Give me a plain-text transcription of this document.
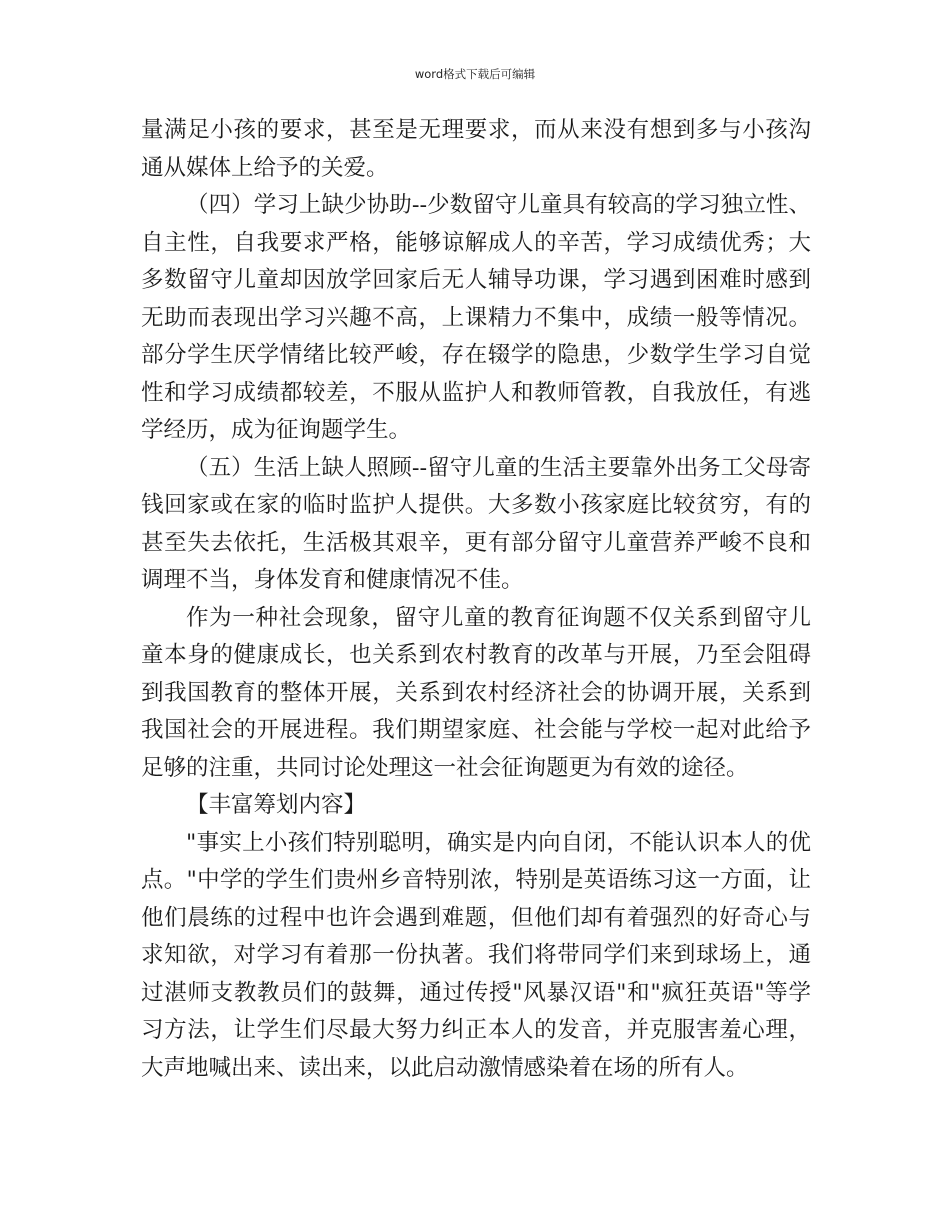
word格式下载后可编辑

量满足小孩的要求，甚至是无理要求，而从来没有想到多与小孩沟通从媒体上给予的关爱。

（四）学习上缺少协助--少数留守儿童具有较高的学习独立性、自主性，自我要求严格，能够谅解成人的辛苦，学习成绩优秀；大多数留守儿童却因放学回家后无人辅导功课，学习遇到困难时感到无助而表现出学习兴趣不高，上课精力不集中，成绩一般等情况。部分学生厌学情绪比较严峻，存在辍学的隐患，少数学生学习自觉性和学习成绩都较差，不服从监护人和教师管教，自我放任，有逃学经历，成为征询题学生。

（五）生活上缺人照顾--留守儿童的生活主要靠外出务工父母寄钱回家或在家的临时监护人提供。大多数小孩家庭比较贫穷，有的甚至失去依托，生活极其艰辛，更有部分留守儿童营养严峻不良和调理不当，身体发育和健康情况不佳。

作为一种社会现象，留守儿童的教育征询题不仅关系到留守儿童本身的健康成长，也关系到农村教育的改革与开展，乃至会阻碍到我国教育的整体开展，关系到农村经济社会的协调开展，关系到我国社会的开展进程。我们期望家庭、社会能与学校一起对此给予足够的注重，共同讨论处理这一社会征询题更为有效的途径。

【丰富筹划内容】

"事实上小孩们特别聪明，确实是内向自闭，不能认识本人的优点。"中学的学生们贵州乡音特别浓，特别是英语练习这一方面，让他们晨练的过程中也许会遇到难题，但他们却有着强烈的好奇心与求知欲，对学习有着那一份执著。我们将带同学们来到球场上，通过湛师支教教员们的鼓舞，通过传授"风暴汉语"和"疯狂英语"等学习方法，让学生们尽最大努力纠正本人的发音，并克服害羞心理，大声地喊出来、读出来，以此启动激情感染着在场的所有人。
